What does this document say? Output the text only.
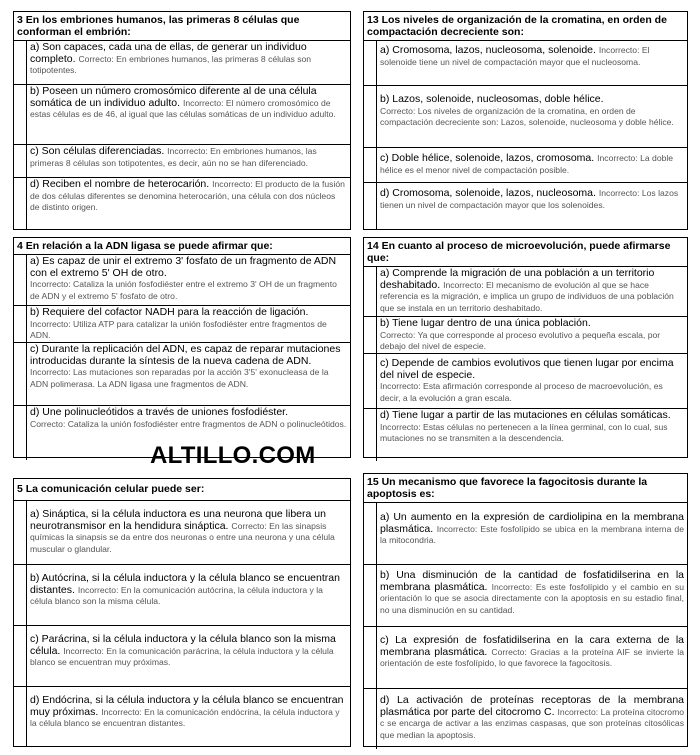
3 En los embriones humanos, las primeras 8 células que conforman el embrión:
a) Son capaces, cada una de ellas, de generar un individuo completo. Correcto: En embriones humanos, las primeras 8 células son totipotentes.
b) Poseen un número cromosómico diferente al de una célula somática de un individuo adulto. Incorrecto: El número cromosómico de estas células es de 46, al igual que las células somáticas de un individuo adulto.
c) Son células diferenciadas. Incorrecto: En embriones humanos, las primeras 8 células son totipotentes, es decir, aún no se han diferenciado.
d) Reciben el nombre de heterocarión. Incorrecto: El producto de la fusión de dos células diferentes se denomina heterocarión, una célula con dos núcleos de distinto origen.
4 En relación a la ADN ligasa se puede afirmar que:
a) Es capaz de unir el extremo 3' fosfato de un fragmento de ADN con el extremo 5' OH de otro.
Incorrecto: Cataliza la unión fosfodiéster entre el extremo 3' OH de un fragmento de ADN y el extremo 5' fosfato de otro.
b) Requiere del cofactor NADH para la reacción de ligación.
Incorrecto: Utiliza ATP para catalizar la unión fosfodiéster entre fragmentos de ADN.
c) Durante la replicación del ADN, es capaz de reparar mutaciones introducidas durante la síntesis de la nueva cadena de ADN. Incorrecto: Las mutaciones son reparadas por la acción 3'5' exonucleasa de la ADN polimerasa. La ADN ligasa une fragmentos de ADN.
d) Une polinucleótidos a través de uniones fosfodiéster.
Correcto: Cataliza la unión fosfodiéster entre fragmentos de ADN o polinucleótidos.
ALTILLO.COM
5 La comunicación celular puede ser:
a) Sináptica, si la célula inductora es una neurona que libera un neurotransmisor en la hendidura sináptica. Correcto: En las sinapsis químicas la sinapsis se da entre dos neuronas o entre una neurona y una célula muscular o glandular.
b) Autócrina, si la célula inductora y la célula blanco se encuentran distantes. Incorrecto: En la comunicación autócrina, la célula inductora y la célula blanco son la misma célula.
c) Parácrina, si la célula inductora y la célula blanco son la misma célula. Incorrecto: En la comunicación parácrina, la célula inductora y la célula blanco se encuentran muy próximas.
d) Endócrina, si la célula inductora y la célula blanco se encuentran muy próximas. Incorrecto: En la comunicación endócrina, la célula inductora y la célula blanco se encuentran distantes.
13 Los niveles de organización de la cromatina, en orden de compactación decreciente son:
a) Cromosoma, lazos, nucleosoma, solenoide. Incorrecto: El solenoide tiene un nivel de compactación mayor que el nucleosoma.
b) Lazos, solenoide, nucleosomas, doble hélice.
Correcto: Los niveles de organización de la cromatina, en orden de compactación decreciente son: Lazos, solenoide, nucleosoma y doble hélice.
c) Doble hélice, solenoide, lazos, cromosoma. Incorrecto: La doble hélice es el menor nivel de compactación posible.
d) Cromosoma, solenoide, lazos, nucleosoma. Incorrecto: Los lazos tienen un nivel de compactación mayor que los solenoides.
14 En cuanto al proceso de microevolución, puede afirmarse que:
a) Comprende la migración de una población a un territorio deshabitado. Incorrecto: El mecanismo de evolución al que se hace referencia es la migración, e implica un grupo de individuos de una población que se instala en un territorio deshabitado.
b) Tiene lugar dentro de una única población.
Correcto: Ya que corresponde al proceso evolutivo a pequeña escala, por debajo del nivel de especie.
c) Depende de cambios evolutivos que tienen lugar por encima del nivel de especie.
Incorrecto: Esta afirmación corresponde al proceso de macroevolución, es decir, a la evolución a gran escala.
d) Tiene lugar a partir de las mutaciones en células somáticas. Incorrecto: Estas células no pertenecen a la línea germinal, con lo cual, sus mutaciones no se transmiten a la descendencia.
15 Un mecanismo que favorece la fagocitosis durante la apoptosis es:
a) Un aumento en la expresión de cardiolipina en la membrana plasmática. Incorrecto: Este fosfolípido se ubica en la membrana interna de la mitocondria.
b) Una disminución de la cantidad de fosfatidilserina en la membrana plasmática. Incorrecto: Es este fosfolípido y el cambio en su orientación lo que se asocia directamente con la apoptosis en su estadio final, no una disminución en su cantidad.
c) La expresión de fosfatidilserina en la cara externa de la membrana plasmática. Correcto: Gracias a la proteína AIF se invierte la orientación de este fosfolípido, lo que favorece la fagocitosis.
d) La activación de proteínas receptoras de la membrana plasmática por parte del citocromo C. Incorrecto: La proteína citocromo c se encarga de activar a las enzimas caspasas, que son proteínas citosólicas que median la apoptosis.
